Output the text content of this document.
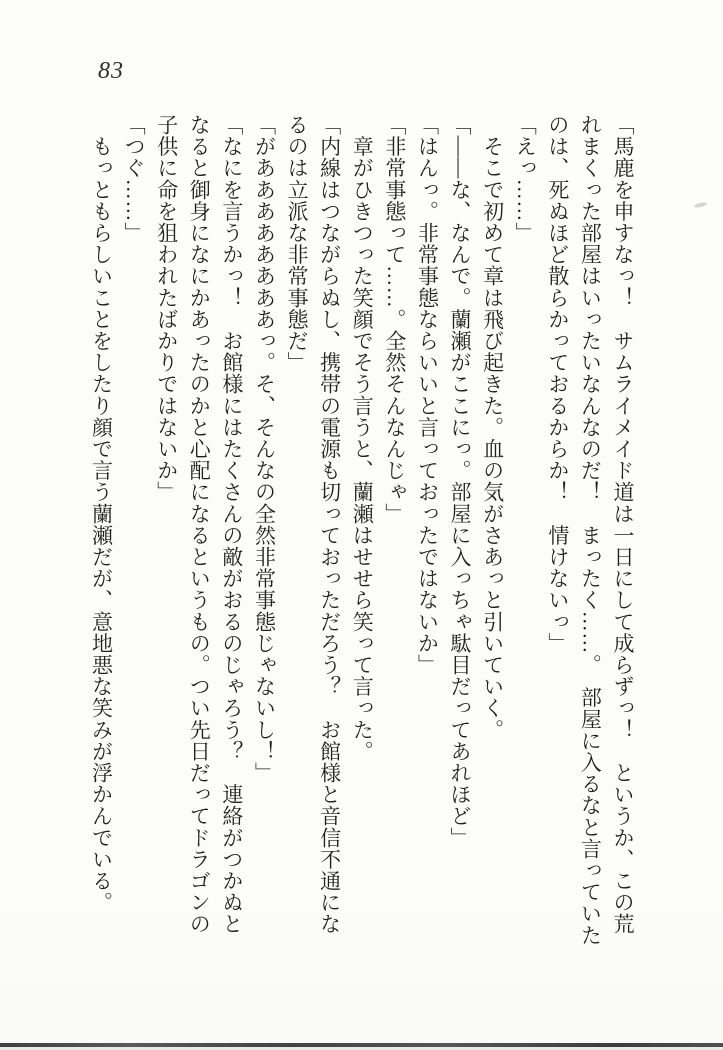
83
「馬鹿を申すなっ！　サムライメイド道は一日にして成らずっ！　というか、この荒
れまくった部屋はいったいなんなのだ！　まったく……。　部屋に入るなと言っていた
のは、死ぬほど散らかっておるからか！　情けないっ」
「えっ……」
　そこで初めて章は飛び起きた。血の気がさあっと引いていく。
「――な、なんで。蘭瀬がここにっ。部屋に入っちゃ駄目だってあれほど」
「はんっ。非常事態ならいいと言っておったではないか」
「非常事態って……。全然そんなんじゃ」
　章がひきつった笑顔でそう言うと、蘭瀬はせせら笑って言った。
「内線はつながらぬし、携帯の電源も切っておっただろう？　お館様と音信不通にな
るのは立派な非常事態だ」
「がああああああああっ。そ、そんなの全然非常事態じゃないし！」
「なにを言うかっ！　お館様にはたくさんの敵がおるのじゃろう？　連絡がつかぬと
なると御身になにかあったのかと心配になるというもの。つい先日だってドラゴンの
子供に命を狙われたばかりではないか」
「つぐ……」
　もっともらしいことをしたり顔で言う蘭瀬だが、意地悪な笑みが浮かんでいる。
